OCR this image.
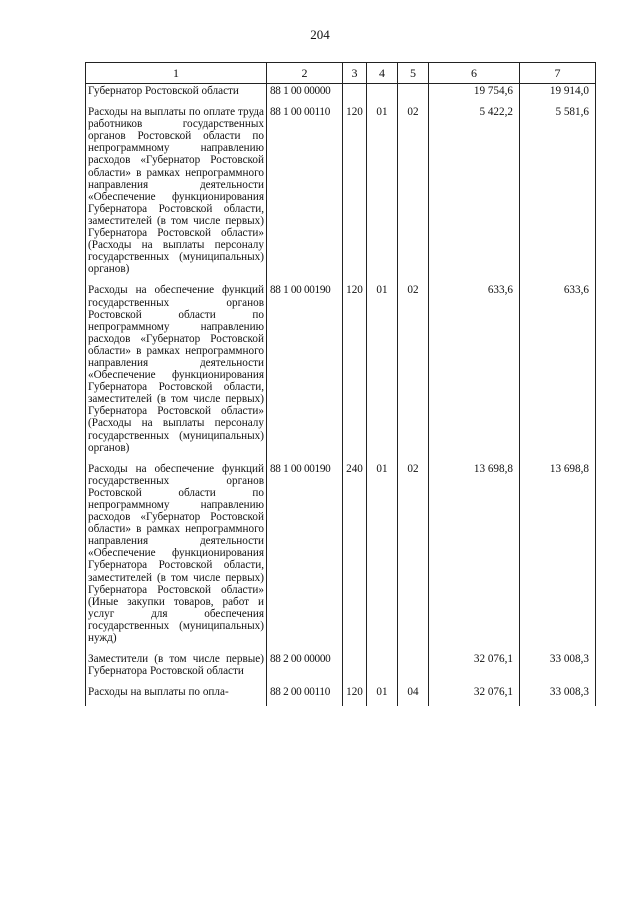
204
1	2	3	4	5	6	7
Губернатор Ростовской области	88 1 00 00000				19 754,6	19 914,0
Расходы на выплаты по оплате труда работников государственных органов Ростовской области по непрограммному направлению расходов «Губернатор Ростовской области» в рамках непрограммного направления деятельности «Обеспечение функционирования Губернатора Ростовской области, заместителей (в том числе первых) Губернатора Ростовской области» (Расходы на выплаты персоналу государственных (муниципальных) органов)	88 1 00 00110	120	01	02	5 422,2	5 581,6
Расходы на обеспечение функций государственных органов Ростовской области по непрограммному направлению расходов «Губернатор Ростовской области» в рамках непрограммного направления деятельности «Обеспечение функционирования Губернатора Ростовской области, заместителей (в том числе первых) Губернатора Ростовской области» (Расходы на выплаты персоналу государственных (муниципальных) органов)	88 1 00 00190	120	01	02	633,6	633,6
Расходы на обеспечение функций государственных органов Ростовской области по непрограммному направлению расходов «Губернатор Ростовской области» в рамках непрограммного направления деятельности «Обеспечение функционирования Губернатора Ростовской области, заместителей (в том числе первых) Губернатора Ростовской области» (Иные закупки товаров, работ и услуг для обеспечения государственных (муниципальных) нужд)	88 1 00 00190	240	01	02	13 698,8	13 698,8
Заместители (в том числе первые) Губернатора Ростовской области	88 2 00 00000				32 076,1	33 008,3
Расходы на выплаты по опла-	88 2 00 00110	120	01	04	32 076,1	33 008,3
